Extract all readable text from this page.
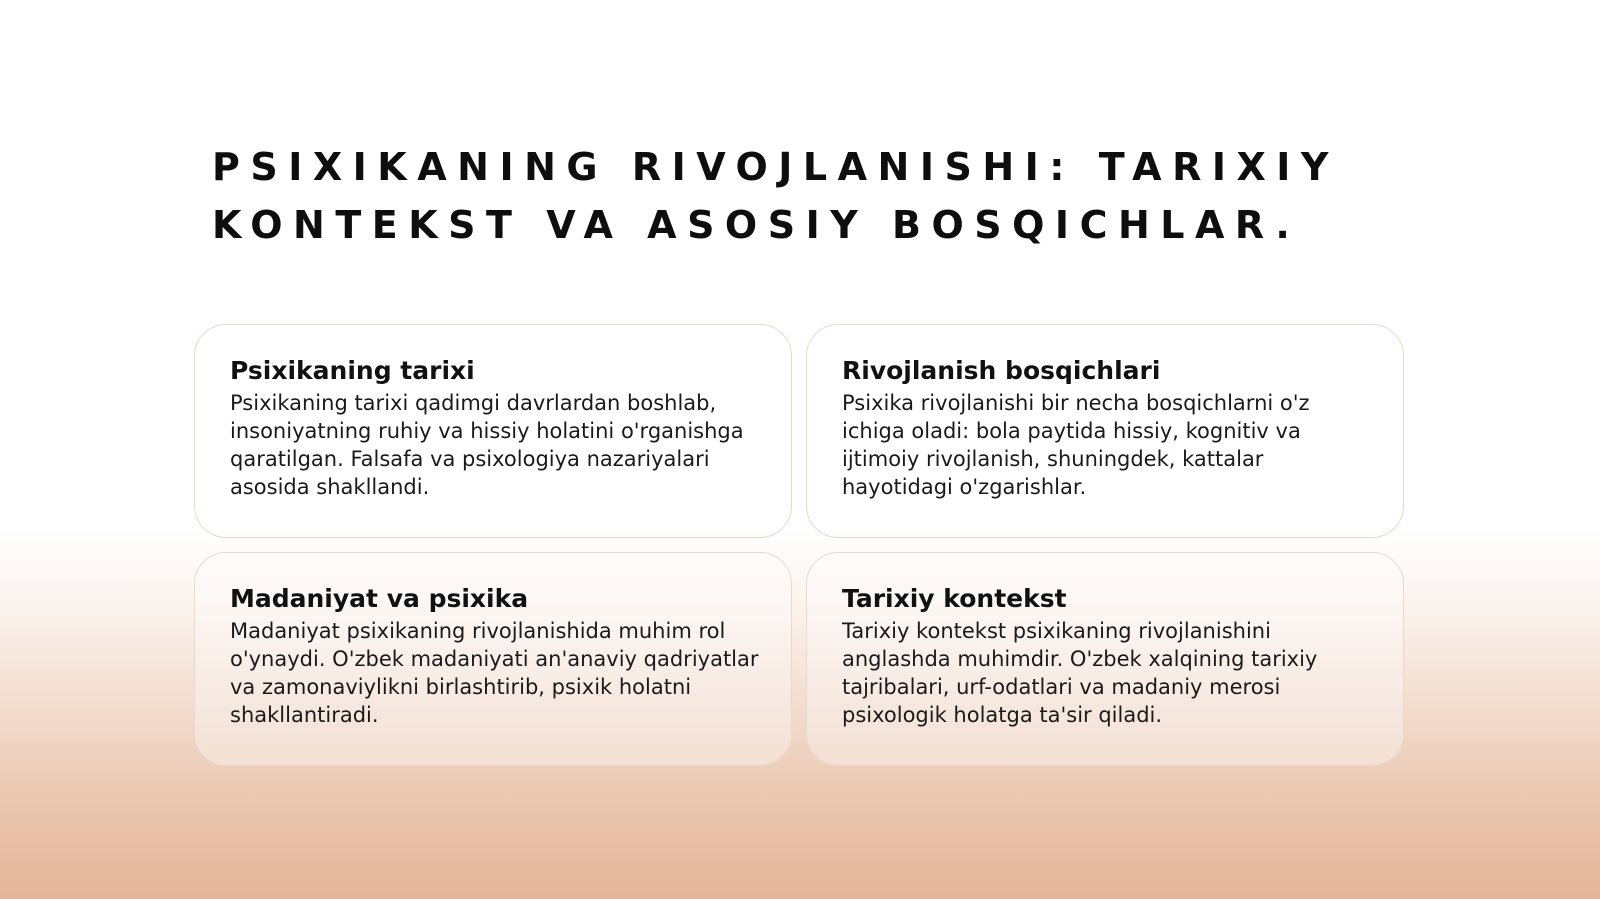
PSIXIKANING RIVOJLANISHI: TARIXIY
KONTEKST VA ASOSIY BOSQICHLAR.
Psixikaning tarixi

Psixikaning tarixi qadimgi davrlardan boshlab, insoniyatning ruhiy va hissiy holatini o'rganishga qaratilgan. Falsafa va psixologiya nazariyalari asosida shakllandi.

Rivojlanish bosqichlari

Psixika rivojlanishi bir necha bosqichlarni o'z ichiga oladi: bola paytida hissiy, kognitiv va ijtimoiy rivojlanish, shuningdek, kattalar hayotidagi o'zgarishlar.

Madaniyat va psixika

Madaniyat psixikaning rivojlanishida muhim rol o'ynaydi. O'zbek madaniyati an'anaviy qadriyatlar va zamonaviylikni birlashtirib, psixik holatni shakllantiradi.

Tarixiy kontekst

Tarixiy kontekst psixikaning rivojlanishini anglashda muhimdir. O'zbek xalqining tarixiy tajribalari, urf-odatlari va madaniy merosi psixologik holatga ta'sir qiladi.
